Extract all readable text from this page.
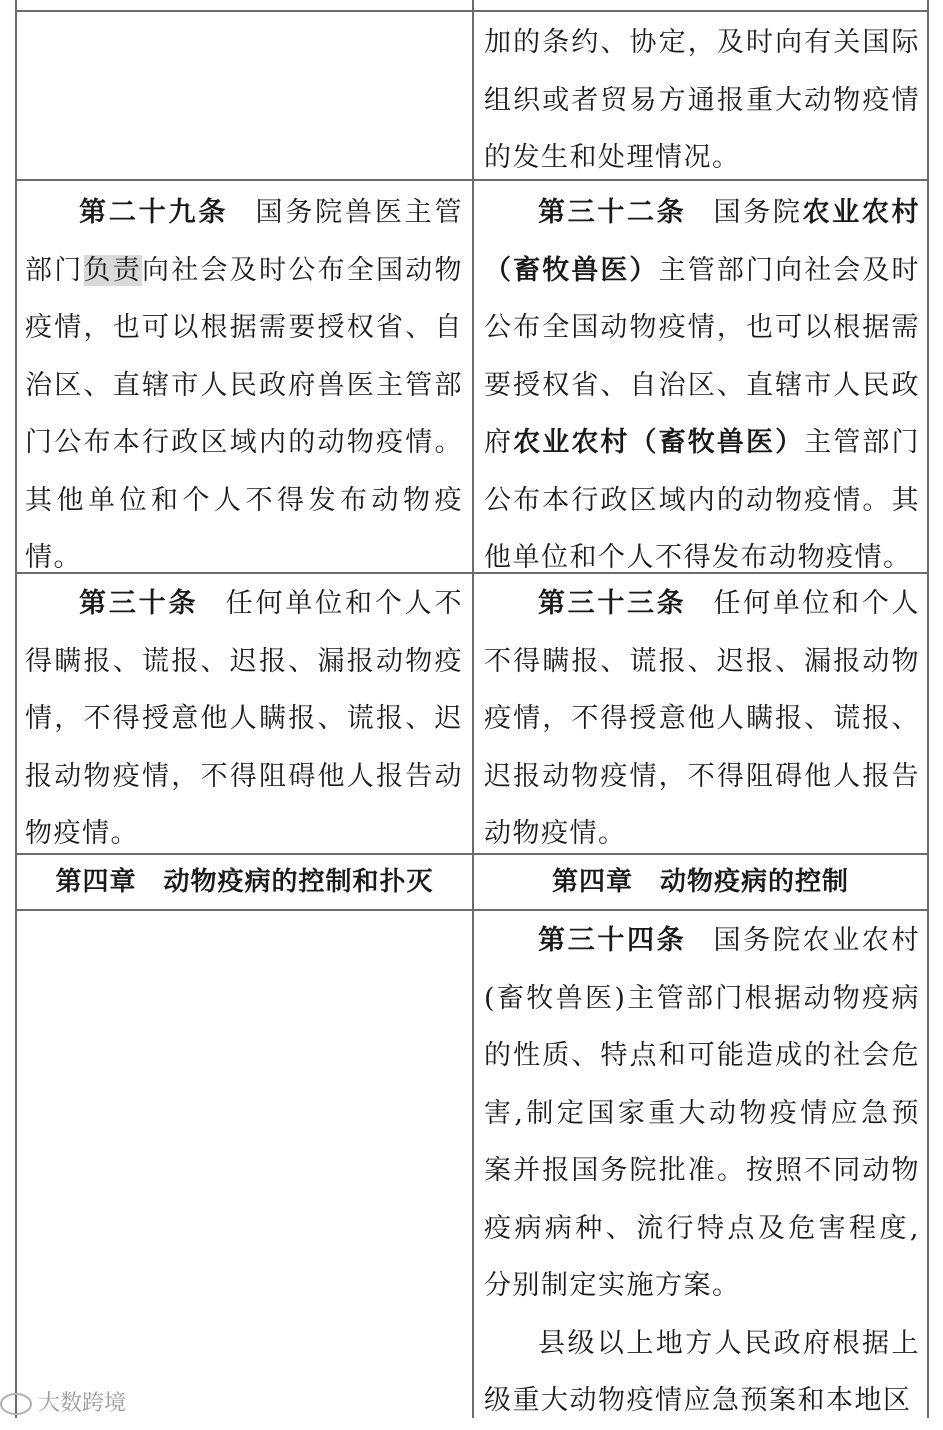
加的条约、协定，及时向有关国际组织或者贸易方通报重大动物疫情的发生和处理情况。

第二十九条 国务院兽医主管部门负责向社会及时公布全国动物疫情，也可以根据需要授权省、自治区、直辖市人民政府兽医主管部门公布本行政区域内的动物疫情。其他单位和个人不得发布动物疫情。

第三十二条 国务院农业农村（畜牧兽医）主管部门向社会及时公布全国动物疫情，也可以根据需要授权省、自治区、直辖市人民政府农业农村（畜牧兽医）主管部门公布本行政区域内的动物疫情。其他单位和个人不得发布动物疫情。

第三十条 任何单位和个人不得瞒报、谎报、迟报、漏报动物疫情，不得授意他人瞒报、谎报、迟报动物疫情，不得阻碍他人报告动物疫情。

第三十三条 任何单位和个人不得瞒报、谎报、迟报、漏报动物疫情，不得授意他人瞒报、谎报、迟报动物疫情，不得阻碍他人报告动物疫情。

第四章　动物疫病的控制和扑灭	第四章　动物疫病的控制

第三十四条 国务院农业农村(畜牧兽医)主管部门根据动物疫病的性质、特点和可能造成的社会危害,制定国家重大动物疫情应急预案并报国务院批准。按照不同动物疫病病种、流行特点及危害程度,分别制定实施方案。

县级以上地方人民政府根据上级重大动物疫情应急预案和本地区

大数跨境
